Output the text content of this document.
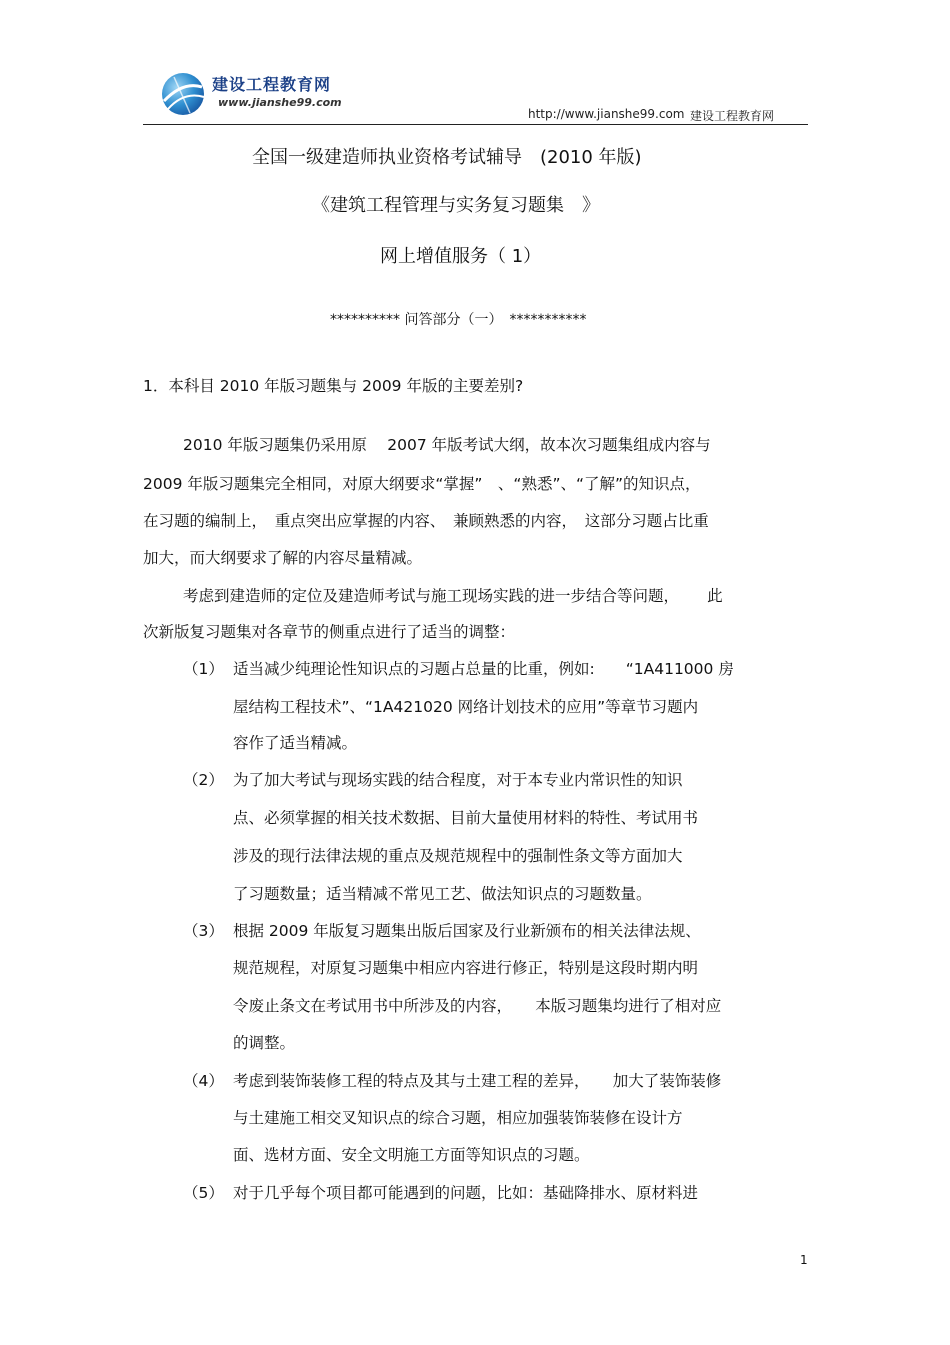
建设工程教育网
www.jianshe99.com
http://www.jianshe99.com 建设工程教育网
全国一级建造师执业资格考试辅导　(2010 年版)
《建筑工程管理与实务复习题集　》
网上增值服务（ 1）
********** 问答部分（一）　***********
1．本科目 2010 年版习题集与 2009 年版的主要差别?
2010 年版习题集仍采用原　 2007 年版考试大纲，故本次习题集组成内容与
2009 年版习题集完全相同，对原大纲要求“掌握”　、“熟悉”、“了解”的知识点，
在习题的编制上，　重点突出应掌握的内容、　兼顾熟悉的内容，　这部分习题占比重
加大，而大纲要求了解的内容尽量精减。
考虑到建造师的定位及建造师考试与施工现场实践的进一步结合等问题，　　 此
次新版复习题集对各章节的侧重点进行了适当的调整：
（1） 适当减少纯理论性知识点的习题占总量的比重，例如:　　“1A411000 房
屋结构工程技术”、“1A421020 网络计划技术的应用”等章节习题内
容作了适当精减。
（2） 为了加大考试与现场实践的结合程度，对于本专业内常识性的知识
点、必须掌握的相关技术数据、目前大量使用材料的特性、考试用书
涉及的现行法律法规的重点及规范规程中的强制性条文等方面加大
了习题数量；适当精减不常见工艺、做法知识点的习题数量。
（3） 根据 2009 年版复习题集出版后国家及行业新颁布的相关法律法规、
规范规程，对原复习题集中相应内容进行修正，特别是这段时期内明
令废止条文在考试用书中所涉及的内容，　　本版习题集均进行了相对应
的调整。
（4） 考虑到装饰装修工程的特点及其与土建工程的差异，　　加大了装饰装修
与土建施工相交叉知识点的综合习题，相应加强装饰装修在设计方
面、选材方面、安全文明施工方面等知识点的习题。
（5） 对于几乎每个项目都可能遇到的问题，比如：基础降排水、原材料进
1
